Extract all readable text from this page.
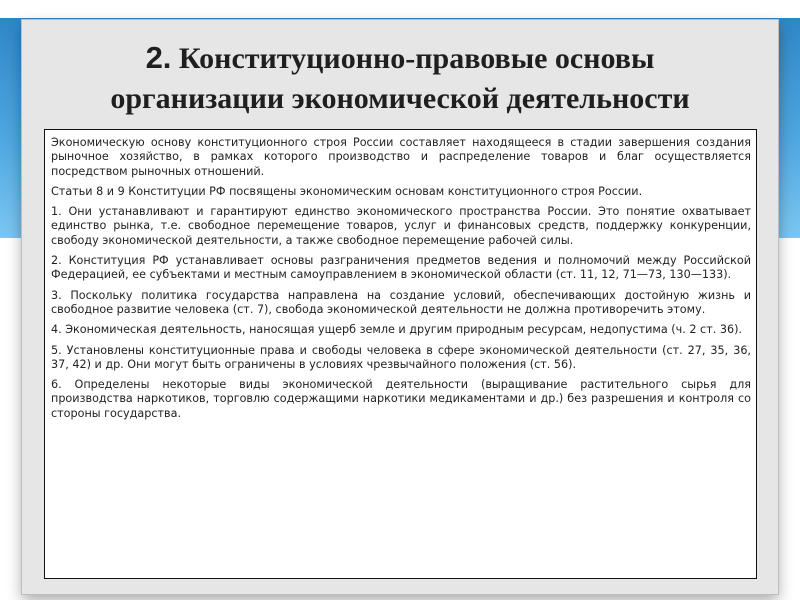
2. Конституционно-правовые основы
организации экономической деятельности

Экономическую основу конституционного строя России составляет находящееся в стадии завершения создания рыночное хозяйство, в рамках которого производство и распределение товаров и благ осуществляется посредством рыночных отношений.

Статьи 8 и 9 Конституции РФ посвящены экономическим основам конституционного строя России.

1. Они устанавливают и гарантируют единство экономического пространства России. Это понятие охватывает единство рынка, т.е. свободное перемещение товаров, услуг и финансовых средств, поддержку конкуренции, свободу экономической деятельности, а также свободное перемещение рабочей силы.

2. Конституция РФ устанавливает основы разграничения предметов ведения и полномочий между Российской Федерацией, ее субъектами и местным самоуправлением в экономической области (ст. 11, 12, 71—73, 130—133).

3. Поскольку политика государства направлена на создание условий, обеспечивающих достойную жизнь и свободное развитие человека (ст. 7), свобода экономической деятельности не должна противоречить этому.

4. Экономическая деятельность, наносящая ущерб земле и другим природным ресурсам, недопустима (ч. 2 ст. 36).

5. Установлены конституционные права и свободы человека в сфере экономической деятельности (ст. 27, 35, 36, 37, 42) и др. Они могут быть ограничены в условиях чрезвычайного положения (ст. 56).

6. Определены некоторые виды экономической деятельности (выращивание растительного сырья для производства наркотиков, торговлю содержащими наркотики медикаментами и др.) без разрешения и контроля со стороны государства.
